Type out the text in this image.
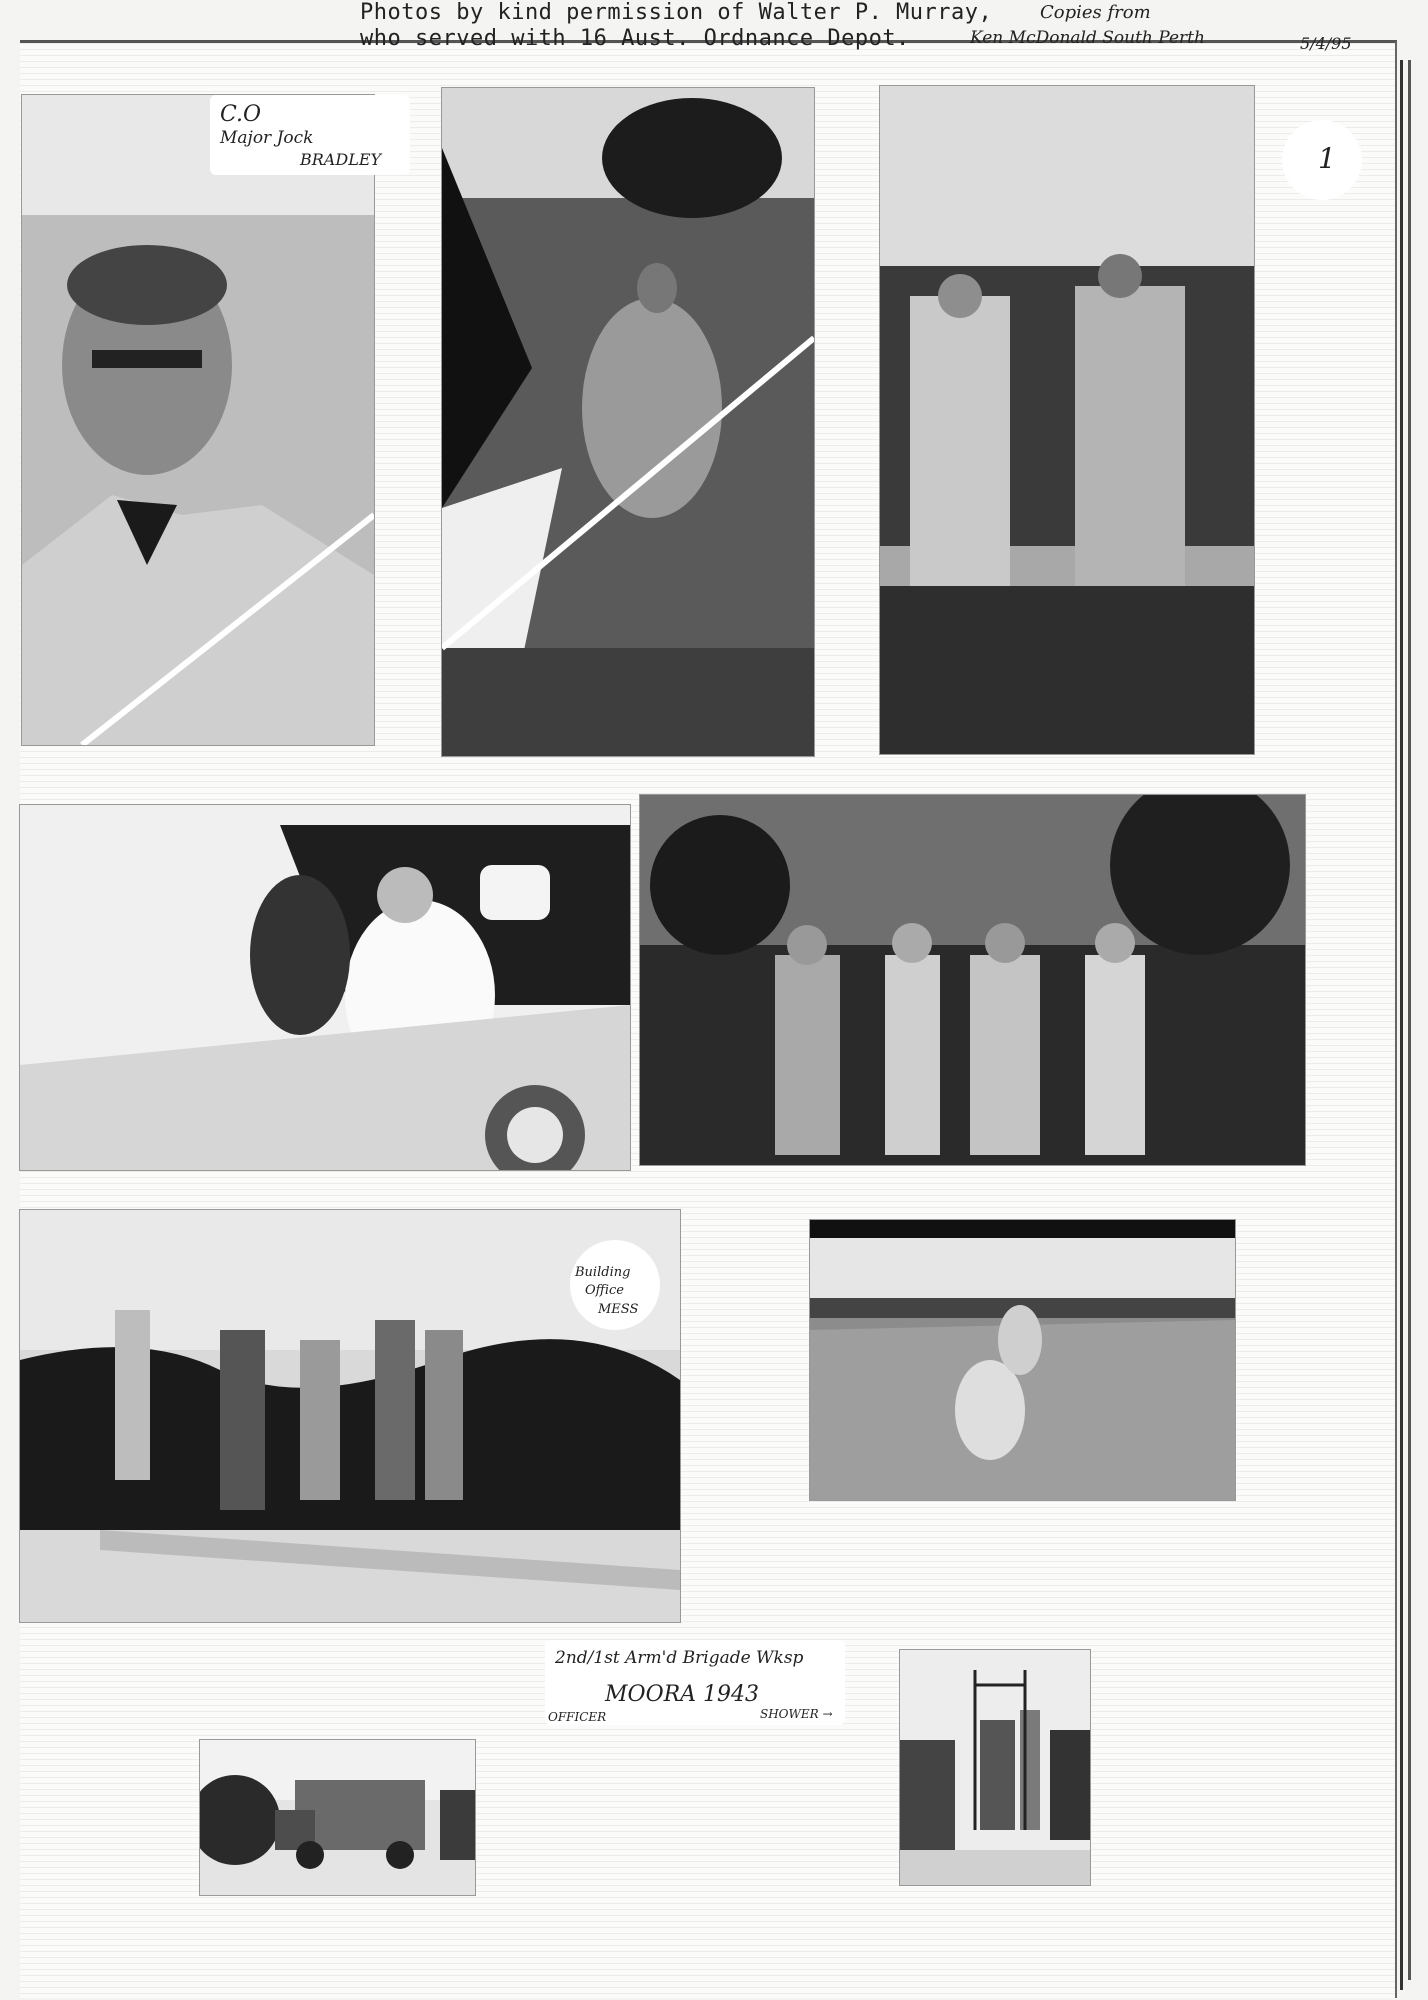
Photos by kind permission of Walter P. Murray,
who served with 16 Aust. Ordnance Depot.
Copies from
Ken McDonald South Perth	5/4/95
C.O
Major Jock
BRADLEY	1
Building
Office
MESS
2nd/1st Arm'd Brigade Wksp
MOORA 1943
OFFICER	SHOWER →
